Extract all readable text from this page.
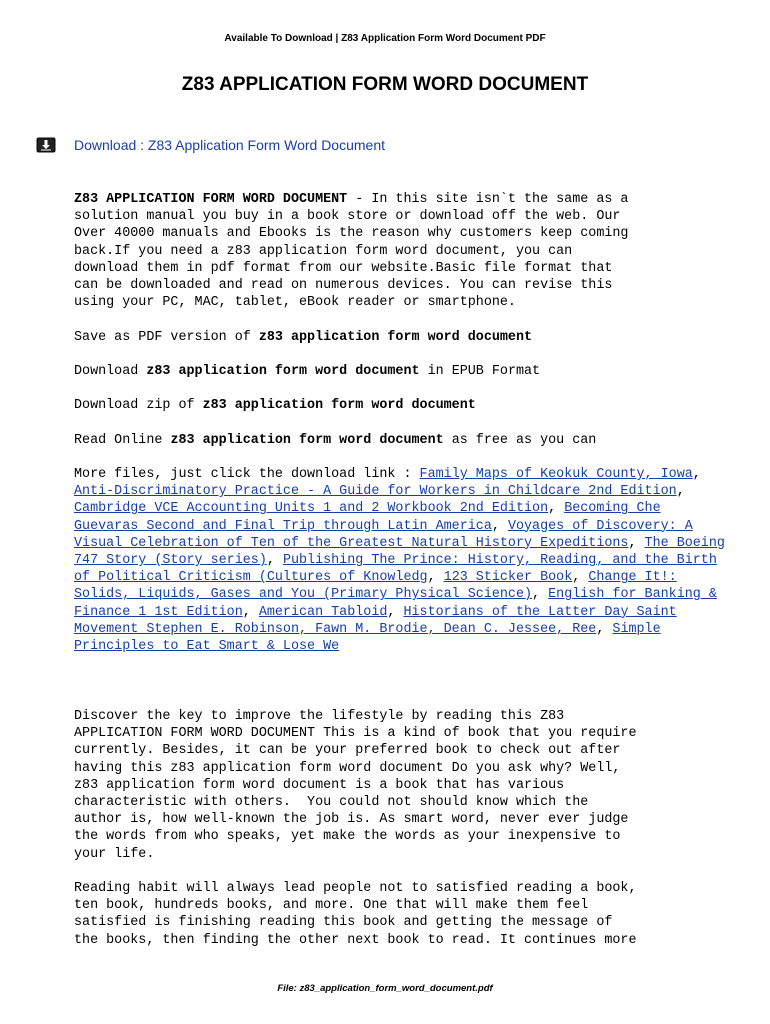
Available To Download | Z83 Application Form Word Document PDF
Z83 APPLICATION FORM WORD DOCUMENT
Download : Z83 Application Form Word Document

Z83 APPLICATION FORM WORD DOCUMENT - In this site isn`t the same as a

solution manual you buy in a book store or download off the web. Our

Over 40000 manuals and Ebooks is the reason why customers keep coming

back.If you need a z83 application form word document, you can

download them in pdf format from our website.Basic file format that

can be downloaded and read on numerous devices. You can revise this

using your PC, MAC, tablet, eBook reader or smartphone.

Save as PDF version of z83 application form word document

Download z83 application form word document in EPUB Format

Download zip of z83 application form word document

Read Online z83 application form word document as free as you can

More files, just click the download link : Family Maps of Keokuk County, Iowa, Anti-Discriminatory Practice - A Guide for Workers in Childcare 2nd Edition, Cambridge VCE Accounting Units 1 and 2 Workbook 2nd Edition, Becoming Che Guevaras Second and Final Trip through Latin America, Voyages of Discovery: A Visual Celebration of Ten of the Greatest Natural History Expeditions, The Boeing 747 Story (Story series), Publishing The Prince: History, Reading, and the Birth of Political Criticism (Cultures of Knowledg, 123 Sticker Book, Change It!: Solids, Liquids, Gases and You (Primary Physical Science), English for Banking & Finance 1 1st Edition, American Tabloid, Historians of the Latter Day Saint Movement Stephen E. Robinson, Fawn M. Brodie, Dean C. Jessee, Ree, Simple Principles to Eat Smart & Lose We

Discover the key to improve the lifestyle by reading this Z83

APPLICATION FORM WORD DOCUMENT This is a kind of book that you require

currently. Besides, it can be your preferred book to check out after

having this z83 application form word document Do you ask why? Well,

z83 application form word document is a book that has various

characteristic with others.  You could not should know which the

author is, how well-known the job is. As smart word, never ever judge

the words from who speaks, yet make the words as your inexpensive to

your life.

Reading habit will always lead people not to satisfied reading a book,

ten book, hundreds books, and more. One that will make them feel

satisfied is finishing reading this book and getting the message of

the books, then finding the other next book to read. It continues more

File: z83_application_form_word_document.pdf
